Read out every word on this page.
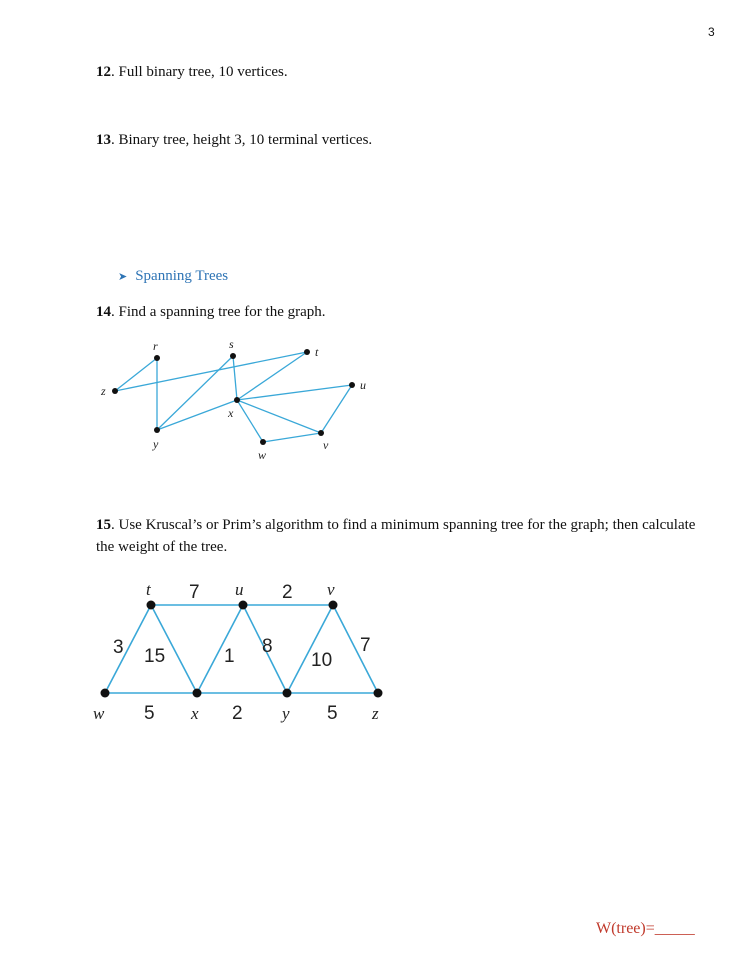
3
12. Full binary tree, 10 vertices.
13. Binary tree, height 3, 10 terminal vertices.
➤ Spanning Trees
14. Find a spanning tree for the graph.
r	s
t
z	u
x
y
w
v
15. Use Kruscal’s or Prim’s algorithm to find a minimum spanning tree for the graph; then calculate the weight of the tree.
t	u	v
w	x	y	z
7	2
3 15	1 8
10
7
5	2	5
W(tree)=_____
